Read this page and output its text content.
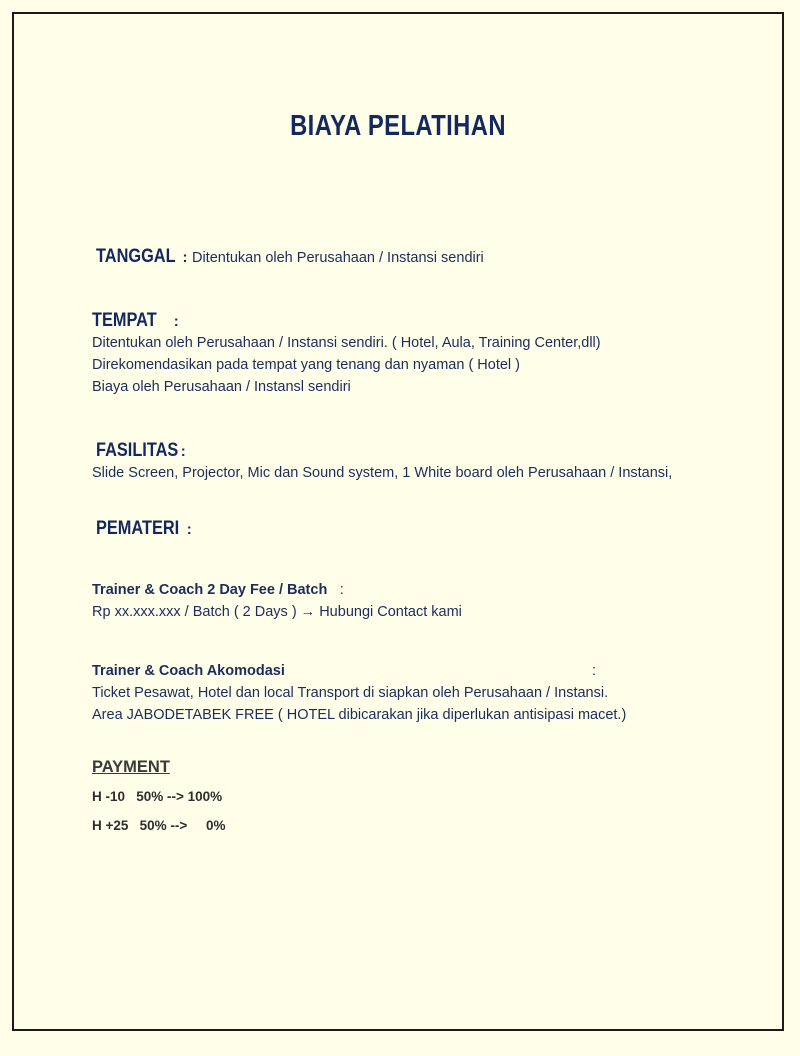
BIAYA PELATIHAN
TANGGAL : Ditentukan oleh Perusahaan / Instansi sendiri
TEMPAT :
Ditentukan oleh Perusahaan / Instansi sendiri. ( Hotel, Aula, Training Center,dll)
Direkomendasikan pada tempat yang tenang dan nyaman ( Hotel )
Biaya oleh Perusahaan / Instansl sendiri
FASILITAS :
Slide Screen, Projector, Mic dan Sound system, 1 White board oleh Perusahaan / Instansi,
PEMATERI :
Trainer & Coach 2 Day Fee / Batch :
Rp xx.xxx.xxx / Batch ( 2 Days ) → Hubungi Contact kami
Trainer & Coach Akomodasi	:
Ticket Pesawat, Hotel dan local Transport di siapkan oleh Perusahaan / Instansi.
Area JABODETABEK FREE ( HOTEL dibicarakan jika diperlukan antisipasi macet.)
PAYMENT
H -10   50% --> 100%
H +25   50% -->     0%
